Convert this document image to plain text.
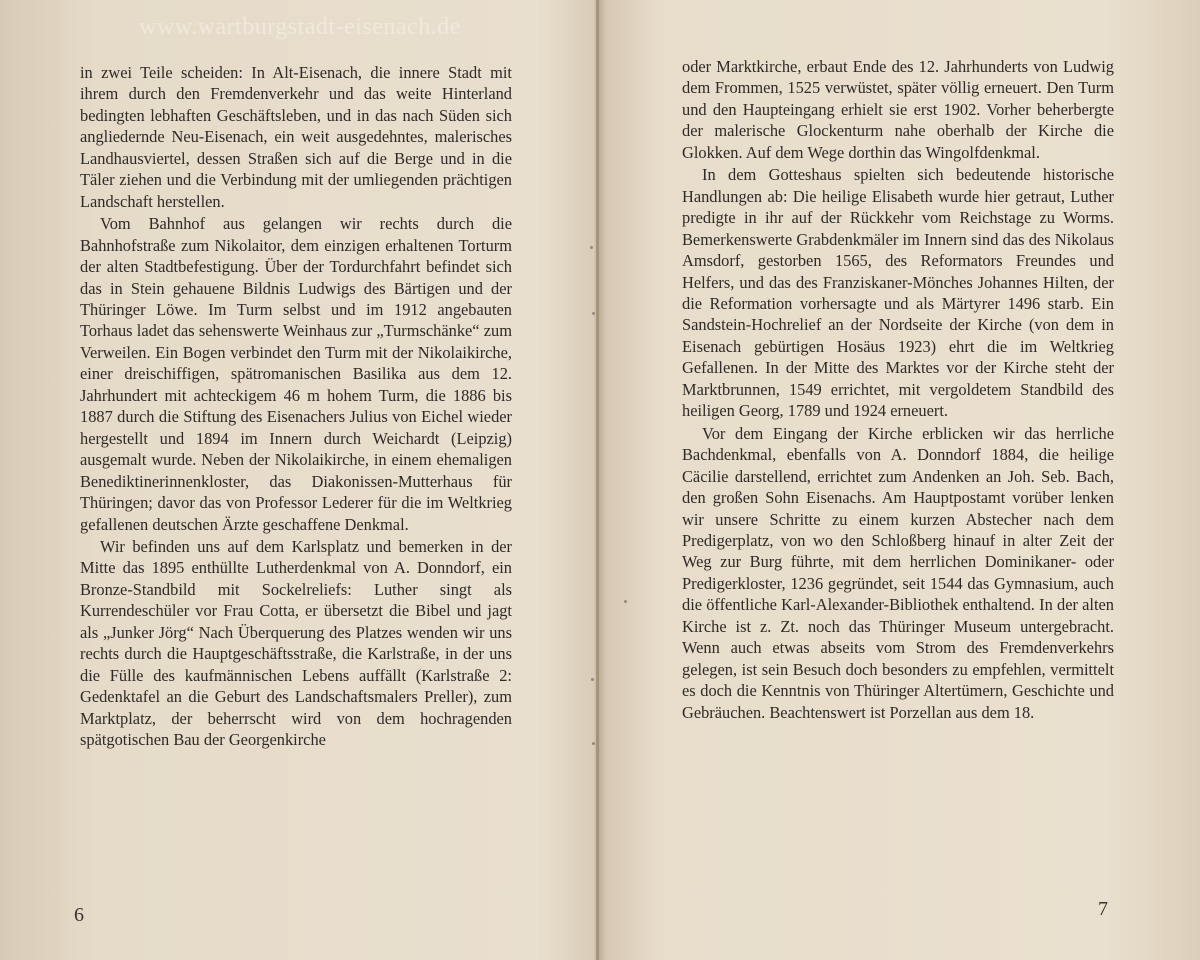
www.wartburgstadt-eisenach.de

in zwei Teile scheiden: In Alt-Eisenach, die innere Stadt mit ihrem durch den Fremdenverkehr und das weite Hinterland bedingten lebhaften Geschäftsleben, und in das nach Süden sich angliedernde Neu-Eisenach, ein weit ausgedehntes, malerisches Landhausviertel, dessen Straßen sich auf die Berge und in die Täler ziehen und die Verbindung mit der umliegenden prächtigen Landschaft herstellen.

Vom Bahnhof aus gelangen wir rechts durch die Bahnhofstraße zum Nikolaitor, dem einzigen erhaltenen Torturm der alten Stadtbefestigung. Über der Tordurchfahrt befindet sich das in Stein gehauene Bildnis Ludwigs des Bärtigen und der Thüringer Löwe. Im Turm selbst und im 1912 angebauten Torhaus ladet das sehenswerte Weinhaus zur „Turmschänke“ zum Verweilen. Ein Bogen verbindet den Turm mit der Nikolaikirche, einer dreischiffigen, spätromanischen Basilika aus dem 12. Jahrhundert mit achteckigem 46 m hohem Turm, die 1886 bis 1887 durch die Stiftung des Eisenachers Julius von Eichel wieder hergestellt und 1894 im Innern durch Weichardt (Leipzig) ausgemalt wurde. Neben der Nikolaikirche, in einem ehemaligen Benediktinerinnenkloster, das Diakonissen-Mutterhaus für Thüringen; davor das von Professor Lederer für die im Weltkrieg gefallenen deutschen Ärzte geschaffene Denkmal.

Wir befinden uns auf dem Karlsplatz und bemerken in der Mitte das 1895 enthüllte Lutherdenkmal von A. Donndorf, ein Bronze-Standbild mit Sockelreliefs: Luther singt als Kurrendeschüler vor Frau Cotta, er übersetzt die Bibel und jagt als „Junker Jörg“ Nach Überquerung des Platzes wenden wir uns rechts durch die Hauptgeschäftsstraße, die Karlstraße, in der uns die Fülle des kaufmännischen Lebens auffällt (Karlstraße 2: Gedenktafel an die Geburt des Landschaftsmalers Preller), zum Marktplatz, der beherrscht wird von dem hochragenden spätgotischen Bau der Georgenkirche

6

oder Marktkirche, erbaut Ende des 12. Jahrhunderts von Ludwig dem Frommen, 1525 verwüstet, später völlig erneuert. Den Turm und den Haupteingang erhielt sie erst 1902. Vorher beherbergte der malerische Glockenturm nahe oberhalb der Kirche die Glokken. Auf dem Wege dorthin das Wingolfdenkmal.

In dem Gotteshaus spielten sich bedeutende historische Handlungen ab: Die heilige Elisabeth wurde hier getraut, Luther predigte in ihr auf der Rückkehr vom Reichstage zu Worms. Bemerkenswerte Grabdenkmäler im Innern sind das des Nikolaus Amsdorf, gestorben 1565, des Reformators Freundes und Helfers, und das des Franziskaner-Mönches Johannes Hilten, der die Reformation vorhersagte und als Märtyrer 1496 starb. Ein Sandstein-Hochrelief an der Nordseite der Kirche (von dem in Eisenach gebürtigen Hosäus 1923) ehrt die im Weltkrieg Gefallenen. In der Mitte des Marktes vor der Kirche steht der Marktbrunnen, 1549 errichtet, mit vergoldetem Standbild des heiligen Georg, 1789 und 1924 erneuert.

Vor dem Eingang der Kirche erblicken wir das herrliche Bachdenkmal, ebenfalls von A. Donndorf 1884, die heilige Cäcilie darstellend, errichtet zum Andenken an Joh. Seb. Bach, den großen Sohn Eisenachs. Am Hauptpostamt vorüber lenken wir unsere Schritte zu einem kurzen Abstecher nach dem Predigerplatz, von wo den Schloßberg hinauf in alter Zeit der Weg zur Burg führte, mit dem herrlichen Dominikaner- oder Predigerkloster, 1236 gegründet, seit 1544 das Gymnasium, auch die öffentliche Karl-Alexander-Bibliothek enthaltend. In der alten Kirche ist z. Zt. noch das Thüringer Museum untergebracht. Wenn auch etwas abseits vom Strom des Fremdenverkehrs gelegen, ist sein Besuch doch besonders zu empfehlen, vermittelt es doch die Kenntnis von Thüringer Altertümern, Geschichte und Gebräuchen. Beachtenswert ist Porzellan aus dem 18.

7
